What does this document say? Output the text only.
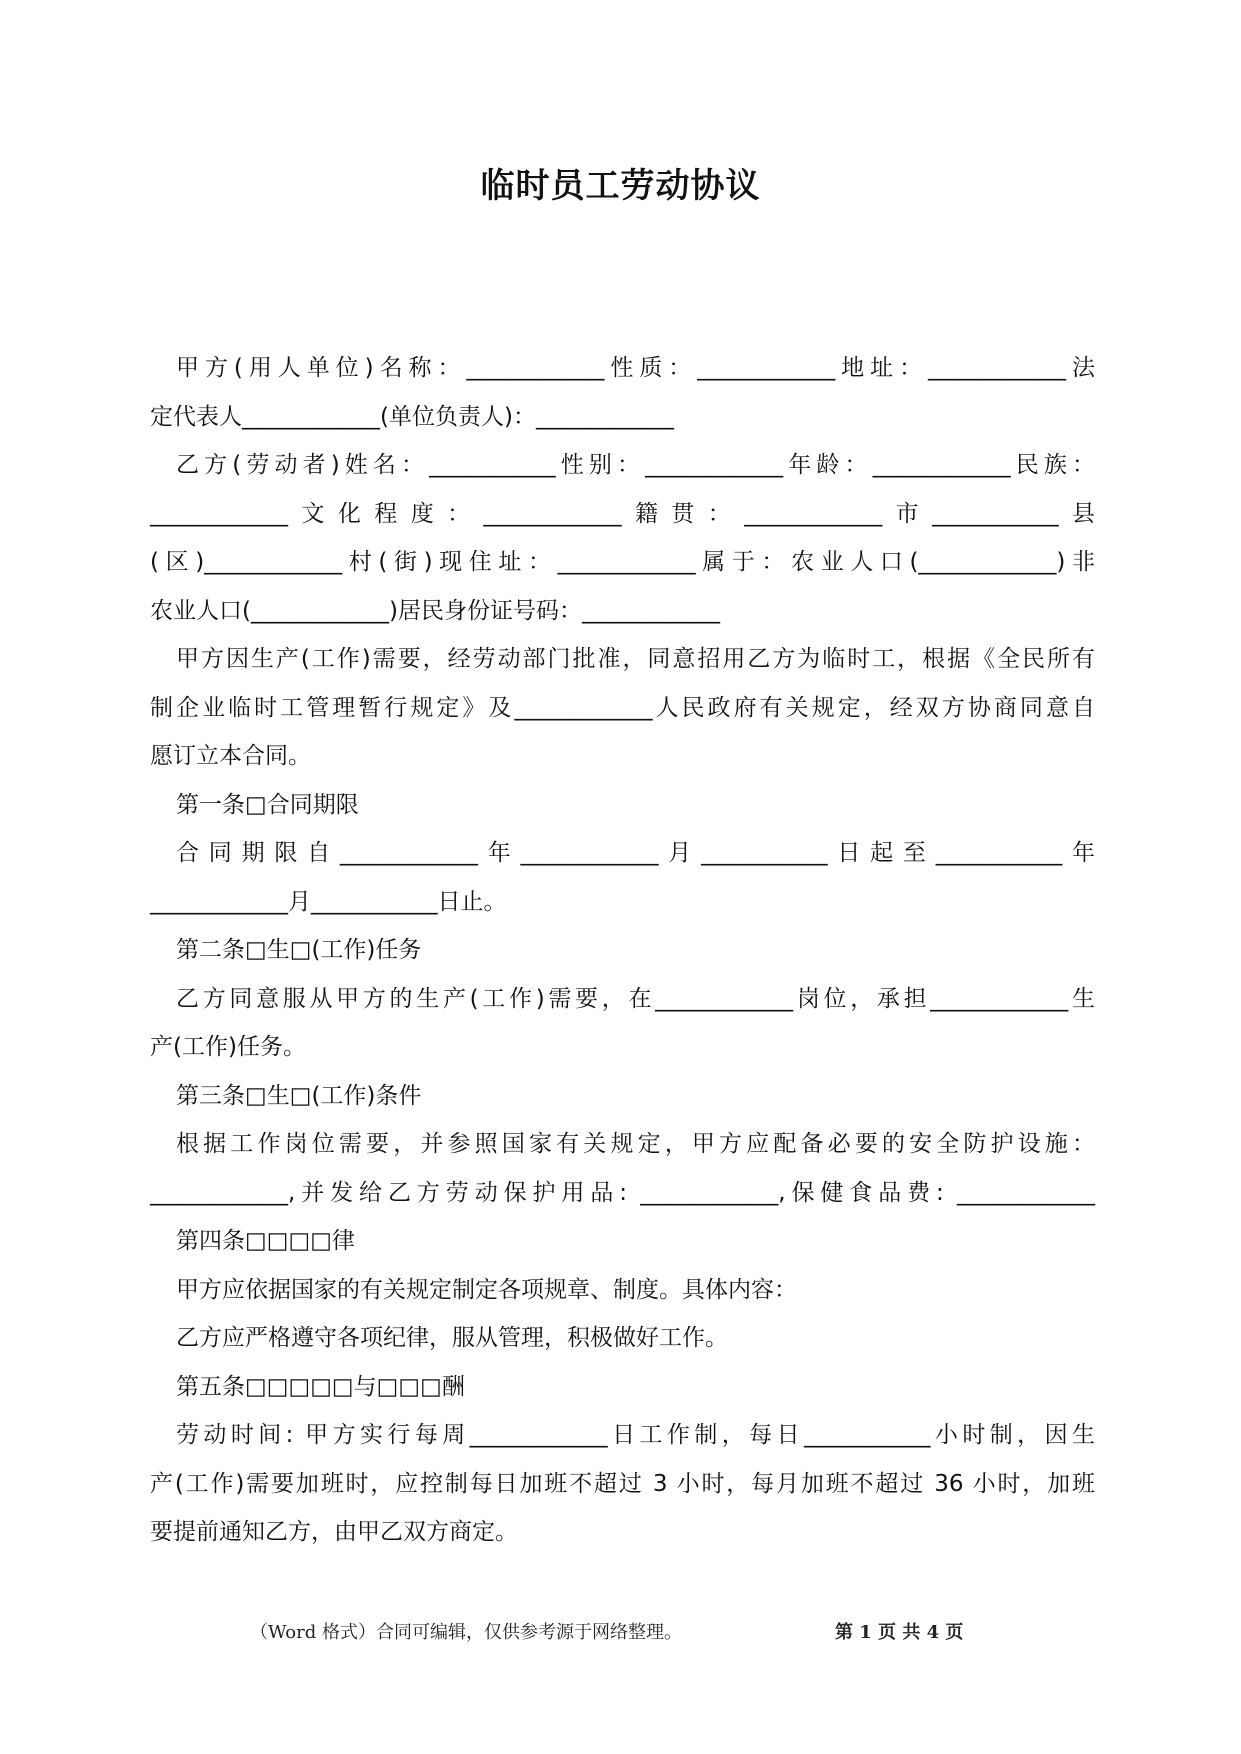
临时员工劳动协议

甲方(用人单位)名称：____________性质：____________地址：____________法

定代表人____________(单位负责人)：____________

乙方(劳动者)姓名：___________性别：____________年龄：____________民族：

____________文化程度：____________籍贯：____________市___________县

(区)____________村(街)现住址：____________属于：农业人口(____________)非

农业人口(____________)居民身份证号码：____________

甲方因生产(工作)需要，经劳动部门批准，同意招用乙方为临时工，根据《全民所有

制企业临时工管理暂行规定》及____________人民政府有关规定，经双方协商同意自

愿订立本合同。

第一条□合同期限

合同期限自____________年____________月___________日起至___________年

____________月___________日止。

第二条□生□(工作)任务

乙方同意服从甲方的生产(工作)需要，在____________岗位，承担____________生

产(工作)任务。

第三条□生□(工作)条件

根据工作岗位需要，并参照国家有关规定，甲方应配备必要的安全防护设施：

____________,并发给乙方劳动保护用品: ____________,保健食品费: ____________

第四条□□□□律

甲方应依据国家的有关规定制定各项规章、制度。具体内容：

乙方应严格遵守各项纪律，服从管理，积极做好工作。

第五条□□□□□与□□□酬

劳动时间: 甲方实行每周____________日工作制，每日___________小时制，因生

产(工作)需要加班时，应控制每日加班不超过 3 小时，每月加班不超过 36 小时，加班

要提前通知乙方，由甲乙双方商定。

（Word 格式）合同可编辑，仅供参考源于网络整理。	第 1 页 共 4 页
